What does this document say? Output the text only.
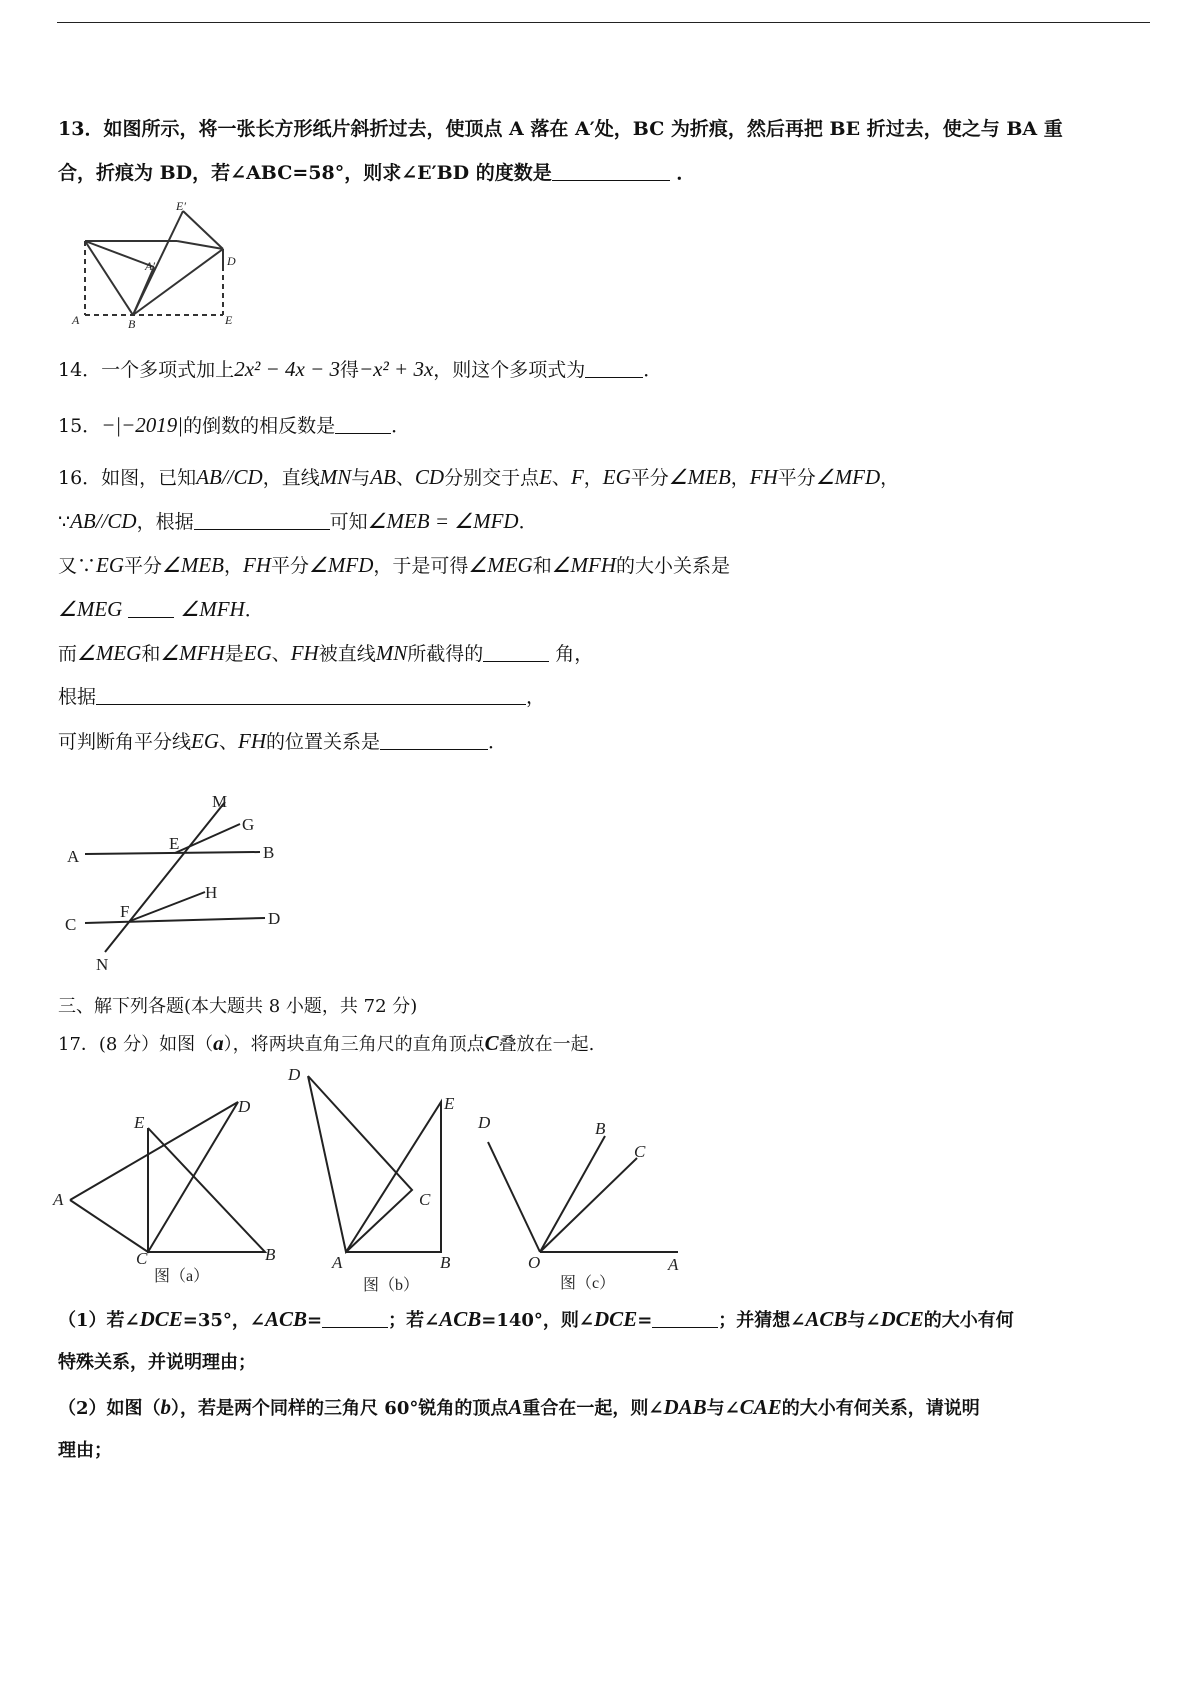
13．如图所示，将一张长方形纸片斜折过去，使顶点 A 落在 A′处，BC 为折痕，然后再把 BE 折过去，使之与 BA 重
合，折痕为 BD，若∠ABC=58°，则求∠E′BD 的度数是	．
E′
A′	D
A	B	E
14．一个多项式加上2x² − 4x − 3得−x² + 3x，则这个多项式为	．
15．−|−2019|的倒数的相反数是	．
16．如图，已知AB//CD，直线MN与AB、CD分别交于点E、F，EG平分∠MEB，FH平分∠MFD，
∵AB//CD，根据	可知∠MEB = ∠MFD．
又∵EG平分∠MEB，FH平分∠MFD，于是可得∠MEG和∠MFH的大小关系是
∠MEG	∠MFH．
而∠MEG和∠MFH是EG、FH被直线MN所截得的	角，
根据	，
可判断角平分线EG、FH的位置关系是	．
M
G
A
E	B
H
F
C	D
N
三、解下列各题(本大题共 8 小题，共 72 分)
17．(8 分）如图（a），将两块直角三角尺的直角顶点C叠放在一起.
E
D
A
C	B
D
E
C
A	B
D	B
C
O	A
图（a）
图（b）	图（c）
（1）若∠DCE=35°，∠ACB=	；若∠ACB=140°，则∠DCE=	；并猜想∠ACB与∠DCE的大小有何
特殊关系，并说明理由；
（2）如图（b），若是两个同样的三角尺 60°锐角的顶点A重合在一起，则∠DAB与∠CAE的大小有何关系，请说明
理由；
